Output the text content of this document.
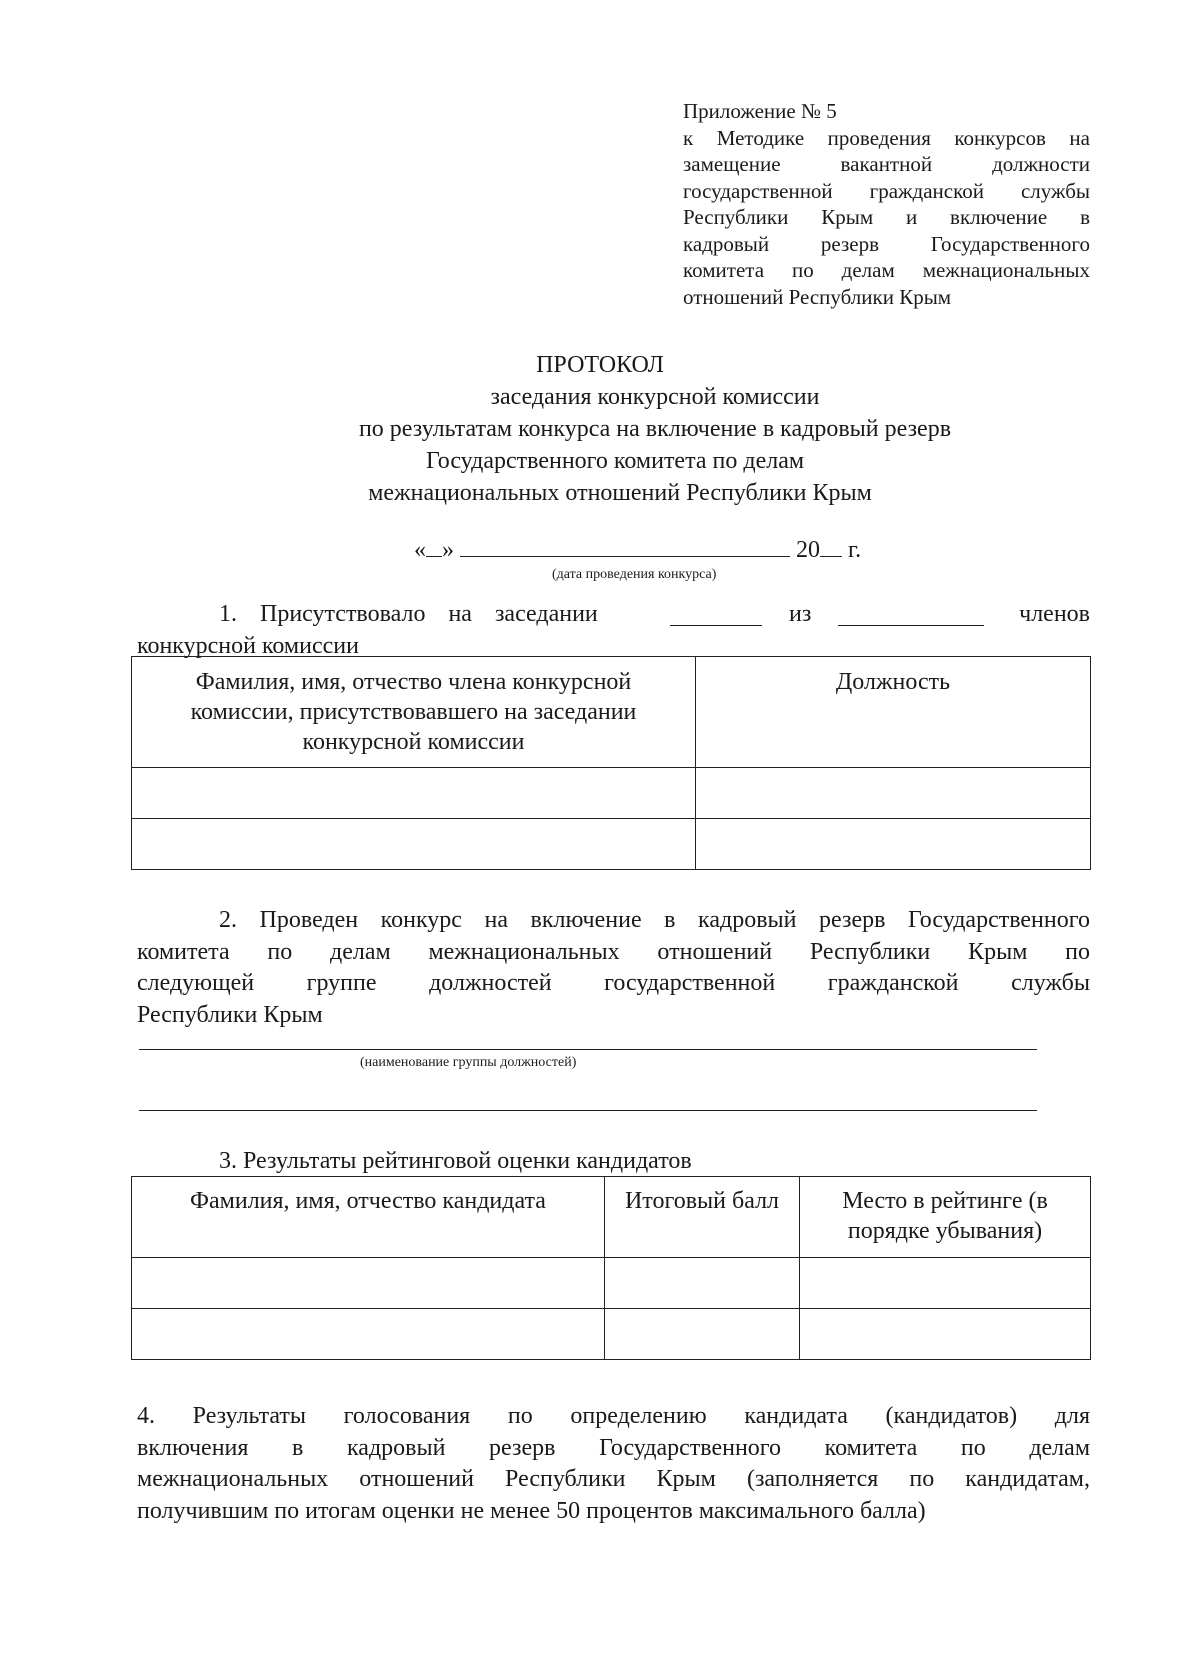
Приложение № 5
к Методике проведения конкурсов на
замещение вакантной должности
государственной гражданской службы
Республики Крым и включение в
кадровый резерв Государственного
комитета по делам межнациональных
отношений Республики Крым
ПРОТОКОЛ
заседания конкурсной комиссии
по результатам конкурса на включение в кадровый резерв
Государственного комитета по делам
межнациональных отношений Республики Крым
« »	20 г.
(дата проведения конкурса)
1. Присутствовало на заседании	из	членов
конкурсной комиссии
Фамилия, имя, отчество члена конкурсной комиссии, присутствовавшего на заседании конкурсной комиссии	Должность

2. Проведен конкурс на включение в кадровый резерв Государственного
комитета по делам межнациональных отношений Республики Крым по
следующей группе должностей государственной гражданской службы
Республики Крым
(наименование группы должностей)
3. Результаты рейтинговой оценки кандидатов
Фамилия, имя, отчество кандидата	Итоговый балл	Место в рейтинге (в порядке убывания)

4. Результаты голосования по определению кандидата (кандидатов) для
включения в кадровый резерв Государственного комитета по делам
межнациональных отношений Республики Крым (заполняется по кандидатам,
получившим по итогам оценки не менее 50 процентов максимального балла)
